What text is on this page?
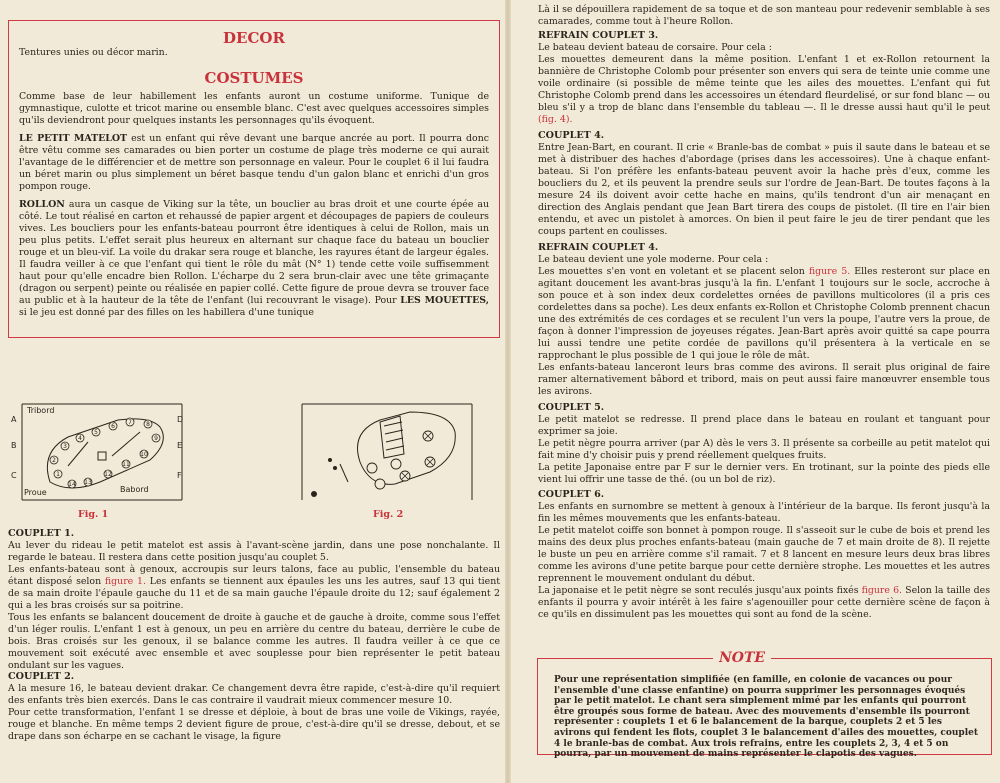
DECOR

Tentures unies ou décor marin.

COSTUMES

Comme base de leur habillement les enfants auront un costume uniforme. Tunique de gymnastique, culotte et tricot marine ou ensemble blanc. C'est avec quelques accessoires simples qu'ils deviendront pour quelques instants les personnages qu'ils évoquent.

LE PETIT MATELOT est un enfant qui rêve devant une barque ancrée au port. Il pourra donc être vêtu comme ses camarades ou bien porter un costume de plage très moderne ce qui aurait l'avantage de le différencier et de mettre son personnage en valeur. Pour le couplet 6 il lui faudra un béret marin ou plus simplement un béret basque tendu d'un galon blanc et enrichi d'un gros pompon rouge.

ROLLON aura un casque de Viking sur la tête, un bouclier au bras droit et une courte épée au côté. Le tout réalisé en carton et rehaussé de papier argent et découpages de papiers de couleurs vives. Les boucliers pour les enfants-bateau pourront être identiques à celui de Rollon, mais un peu plus petits. L'effet serait plus heureux en alternant sur chaque face du bateau un bouclier rouge et un bleu-vif. La voile du drakar sera rouge et blanche, les rayures étant de largeur égales. Il faudra veiller à ce que l'enfant qui tient le rôle du mât (N° 1) tende cette voile suffisemment haut pour qu'elle encadre bien Rollon. L'écharpe du 2 sera brun-clair avec une tête grimaçante (dragon ou serpent) peinte ou réalisée en papier collé. Cette figure de proue devra se trouver face au public et à la hauteur de la tête de l'enfant (lui recouvrant le visage). Pour LES MOUETTES, si le jeu est donné par des filles on les habillera d'une tunique

1
2
3
4
5
6
7 8
9
10
11
12
13
14
Tribord
Babord
Proue
A
B
C
D
E
F
Fig. 1	Fig. 2
COUPLET 1.

Au lever du rideau le petit matelot est assis à l'avant-scène jardin, dans une pose nonchalante. Il regarde le bateau. Il restera dans cette position jusqu'au couplet 5.

Les enfants-bateau sont à genoux, accroupis sur leurs talons, face au public, l'ensemble du bateau étant disposé selon figure 1. Les enfants se tiennent aux épaules les uns les autres, sauf 13 qui tient de sa main droite l'épaule gauche du 11 et de sa main gauche l'épaule droite du 12; sauf également 2 qui a les bras croisés sur sa poitrine.

Tous les enfants se balancent doucement de droite à gauche et de gauche à droite, comme sous l'effet d'un léger roulis. L'enfant 1 est à genoux, un peu en arrière du centre du bateau, derrière le cube de bois. Bras croisés sur les genoux, il se balance comme les autres. Il faudra veiller à ce que ce mouvement soit exécuté avec ensemble et avec souplesse pour bien représenter le petit bateau ondulant sur les vagues.

COUPLET 2.

A la mesure 16, le bateau devient drakar. Ce changement devra être rapide, c'est-à-dire qu'il requiert des enfants très bien exercés. Dans le cas contraire il vaudrait mieux commencer mesure 10.

Pour cette transformation, l'enfant 1 se dresse et déploie, à bout de bras une voile de Vikings, rayée, rouge et blanche. En même temps 2 devient figure de proue, c'est-à-dire qu'il se dresse, debout, et se drape dans son écharpe en se cachant le visage, la figure

Là il se dépouillera rapidement de sa toque et de son manteau pour redevenir semblable à ses camarades, comme tout à l'heure Rollon.

REFRAIN COUPLET 3.

Le bateau devient bateau de corsaire. Pour cela :

Les mouettes demeurent dans la même position. L'enfant 1 et ex-Rollon retournent la bannière de Christophe Colomb pour présenter son envers qui sera de teinte unie comme une voile ordinaire (si possible de même teinte que les ailes des mouettes. L'enfant qui fut Christophe Colomb prend dans les accessoires un étendard fleurdelisé, or sur fond blanc — ou bleu s'il y a trop de blanc dans l'ensemble du tableau —. Il le dresse aussi haut qu'il le peut (fig. 4).

COUPLET 4.

Entre Jean-Bart, en courant. Il crie « Branle-bas de combat » puis il saute dans le bateau et se met à distribuer des haches d'abordage (prises dans les accessoires). Une à chaque enfant-bateau. Si l'on préfère les enfants-bateau peuvent avoir la hache près d'eux, comme les boucliers du 2, et ils peuvent la prendre seuls sur l'ordre de Jean-Bart. De toutes façons à la mesure 24 ils doivent avoir cette hache en mains, qu'ils tendront d'un air menaçant en direction des Anglais pendant que Jean Bart tirera des coups de pistolet. (Il tire en l'air bien entendu, et avec un pistolet à amorces. On bien il peut faire le jeu de tirer pendant que les coups partent en coulisses.

REFRAIN COUPLET 4.

Le bateau devient une yole moderne. Pour cela :

Les mouettes s'en vont en voletant et se placent selon figure 5. Elles resteront sur place en agitant doucement les avant-bras jusqu'à la fin. L'enfant 1 toujours sur le socle, accroche à son pouce et à son index deux cordelettes ornées de pavillons multicolores (il a pris ces cordelettes dans sa poche). Les deux enfants ex-Rollon et Christophe Colomb prennent chacun une des extrémités de ces cordages et se reculent l'un vers la poupe, l'autre vers la proue, de façon à donner l'impression de joyeuses régates. Jean-Bart après avoir quitté sa cape pourra lui aussi tendre une petite cordée de pavillons qu'il présentera à la verticale en se rapprochant le plus possible de 1 qui joue le rôle de mât.

Les enfants-bateau lanceront leurs bras comme des avirons. Il serait plus original de faire ramer alternativement bâbord et tribord, mais on peut aussi faire manœuvrer ensemble tous les avirons.

COUPLET 5.

Le petit matelot se redresse. Il prend place dans le bateau en roulant et tanguant pour exprimer sa joie.

Le petit nègre pourra arriver (par A) dès le vers 3. Il présente sa corbeille au petit matelot qui fait mine d'y choisir puis y prend réellement quelques fruits.

La petite Japonaise entre par F sur le dernier vers. En trotinant, sur la pointe des pieds elle vient lui offrir une tasse de thé. (ou un bol de riz).

COUPLET 6.

Les enfants en surnombre se mettent à genoux à l'intérieur de la barque. Ils feront jusqu'à la fin les mêmes mouvements que les enfants-bateau.

Le petit matelot coiffe son bonnet à pompon rouge. Il s'asseoit sur le cube de bois et prend les mains des deux plus proches enfants-bateau (main gauche de 7 et main droite de 8). Il rejette le buste un peu en arrière comme s'il ramait. 7 et 8 lancent en mesure leurs deux bras libres comme les avirons d'une petite barque pour cette dernière strophe. Les mouettes et les autres reprennent le mouvement ondulant du début.

La japonaise et le petit nègre se sont reculés jusqu'aux points fixés figure 6. Selon la taille des enfants il pourra y avoir intérêt à les faire s'agenouiller pour cette dernière scène de façon à ce qu'ils en dissimulent pas les mouettes qui sont au fond de la scène.

NOTE

Pour une représentation simplifiée (en famille, en colonie de vacances ou pour l'ensemble d'une classe enfantine) on pourra supprimer les personnages évoqués par le petit matelot. Le chant sera simplement mimé par les enfants qui pourront être groupés sous forme de bateau. Avec des mouvements d'ensemble ils pourront représenter : couplets 1 et 6 le balancement de la barque, couplets 2 et 5 les avirons qui fendent les flots, couplet 3 le balancement d'ailes des mouettes, couplet 4 le branle-bas de combat. Aux trois refrains, entre les couplets 2, 3, 4 et 5 on pourra, par un mouvement de mains représenter le clapotis des vagues.
